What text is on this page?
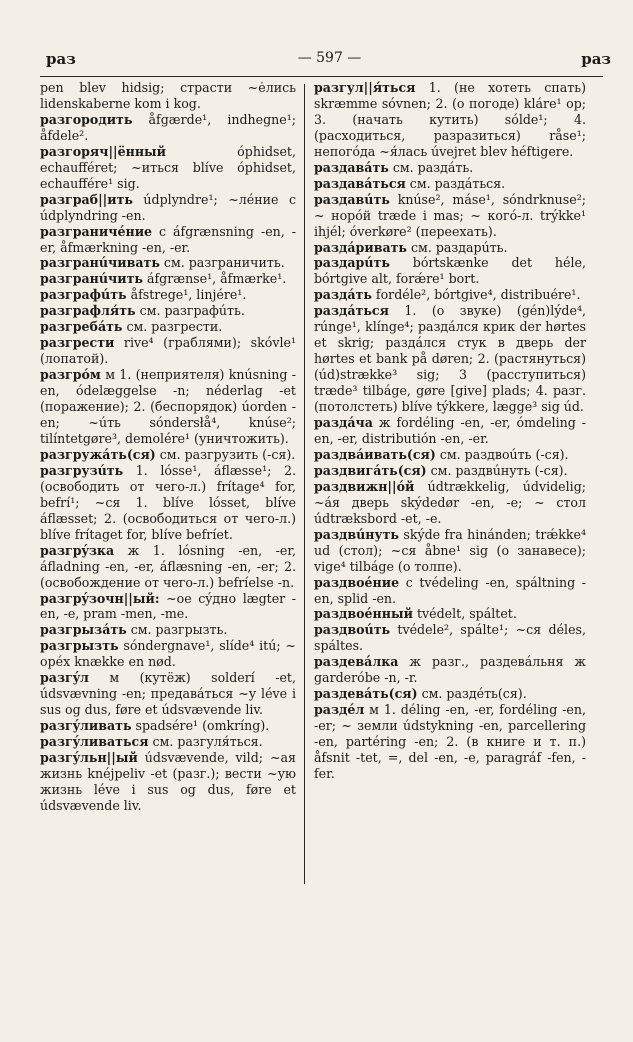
раз	— 597 —	раз

pen blev hidsig; страсти ~ėлись lidenskaberne kom i kog.

разгородить åfgærde¹, indhegne¹; åfdele².

разгоряч||ённый óphidset, echaufféret; ~иться blíve óphidset, echaufférе¹ sig.

разграб||ить údplyndre¹; ~лéние с údplyndring -en.

разграничéние с áfgrænsning -en, -er, åfmærkning -en, -er.

разгранúчивать см. разграничить.

разгранúчить áfgrænse¹, åfmærke¹.

разграфúть åfstrege¹, linjére¹.

разграфля́ть см. разграфúть.

разгребáть см. разгрести.

разгрести rive⁴ (граблями); skóvle¹ (лопатой).

разгрóм м 1. (неприятеля) knúsning -en, ódelæggelse -n; néderlag -et (поражение); 2. (беспорядок) úorden -en; ~úть sóndersłå⁴, knúse²; tilíntetgøre³, demolére¹ (уничтожить).

разгружáть(ся) см. разгрузить (-ся).

разгрузúть 1. lósse¹, áflæsse¹; 2. (освободить от чего-л.) frítage⁴ for, befrí¹; ~ся 1. blíve lósset, blíve áflæsset; 2. (освободиться от чего-л.) blíve frítaget for, blíve befríet.

разгрýзка ж 1. lósning -en, -er, áfladning -en, -er, áflæsning -en, -er; 2. (освобождение от чего-л.) befríelse -n.

разгрýзочн||ый: ~ое сýдно lægter -en, -e, pram -men, -me.

разгрызáть см. разгрызть.

разгрызть sóndergnave¹, slíde⁴ itú; ~ opéx knække en nød.

разгýл м (кутёж) solderí -et, údsvævning -en; предавáться ~у léve i sus og dus, føre et údsvævende liv.

разгýливать spadsére¹ (omkríng).

разгýливаться см. разгуля́ться.

разгýльн||ый údsvævende, vild; ~ая жизнь knéjpeliv -et (разг.); вести ~ую жизнь léve i sus og dus, føre et údsvævende liv.

разгул||я́ться 1. (не хотеть спать) skræmme sóvnen; 2. (о погоде) kláre¹ op; 3. (начать кутить) sólde¹; 4. (расходиться, разразиться) råse¹; непогóда ~я́лась úvejret blev héftigere.

раздавáть см. раздáть.

раздавáться см. раздáться.

раздавúть knúse², máse¹, sóndrknuse²; ~ норóй træde i mas; ~ когó-л. trýkke¹ ihjél; óverkøre² (переехать).

раздáривать см. раздарúть.

раздарúть bórtskænke det héle, bórtgive alt, forǽre¹ bort.

раздáть fordéle², bórtgive⁴, distribuére¹.

раздáться 1. (о звуке) (gén)lýde⁴, rúnge¹, klínge⁴; раздáлся крик der hørtes et skrig; раздáлся стук в дверь der hørtes et bank på døren; 2. (растянуться) (úd)strække³ sig; 3 (расступиться) træde³ tilbáge, gøre [give] plads; 4. разг. (потолстеть) blíve týkkere, lægge³ sig úd.

раздáча ж fordéling -en, -er, ómdeling -en, -er, distributión -en, -er.

раздвáивать(ся) см. раздвоúть (-ся).

раздвигáть(ся) см. раздвúнуть (-ся).

раздвижн||óй údtrækkelig, údvidelig; ~áя дверь skýdedør -en, -e; ~ стол údtræksbord -et, -e.

раздвúнуть skýde fra hinánden; trǽkke⁴ ud (стол); ~ся åbne¹ sig (о занавесе); vige⁴ tilbáge (о толпе).

раздвоéние с tvédeling -en, spáltning -en, splid -en.

раздвоéнный tvédelt, spáltet.

раздвоúть tvédele², spálte¹; ~ся déles, spáltes.

раздевáлка ж разг., раздевáльня ж garderóbe -n, -r.

раздевáть(ся) см. раздéть(ся).

раздéл м 1. déling -en, -er, fordéling -en, -er; ~ земли údstykning -en, parcellering -en, partéring -en; 2. (в книге и т. п.) åfsnit -tet, =, del -en, -e, paragráf -fen, -fer.
